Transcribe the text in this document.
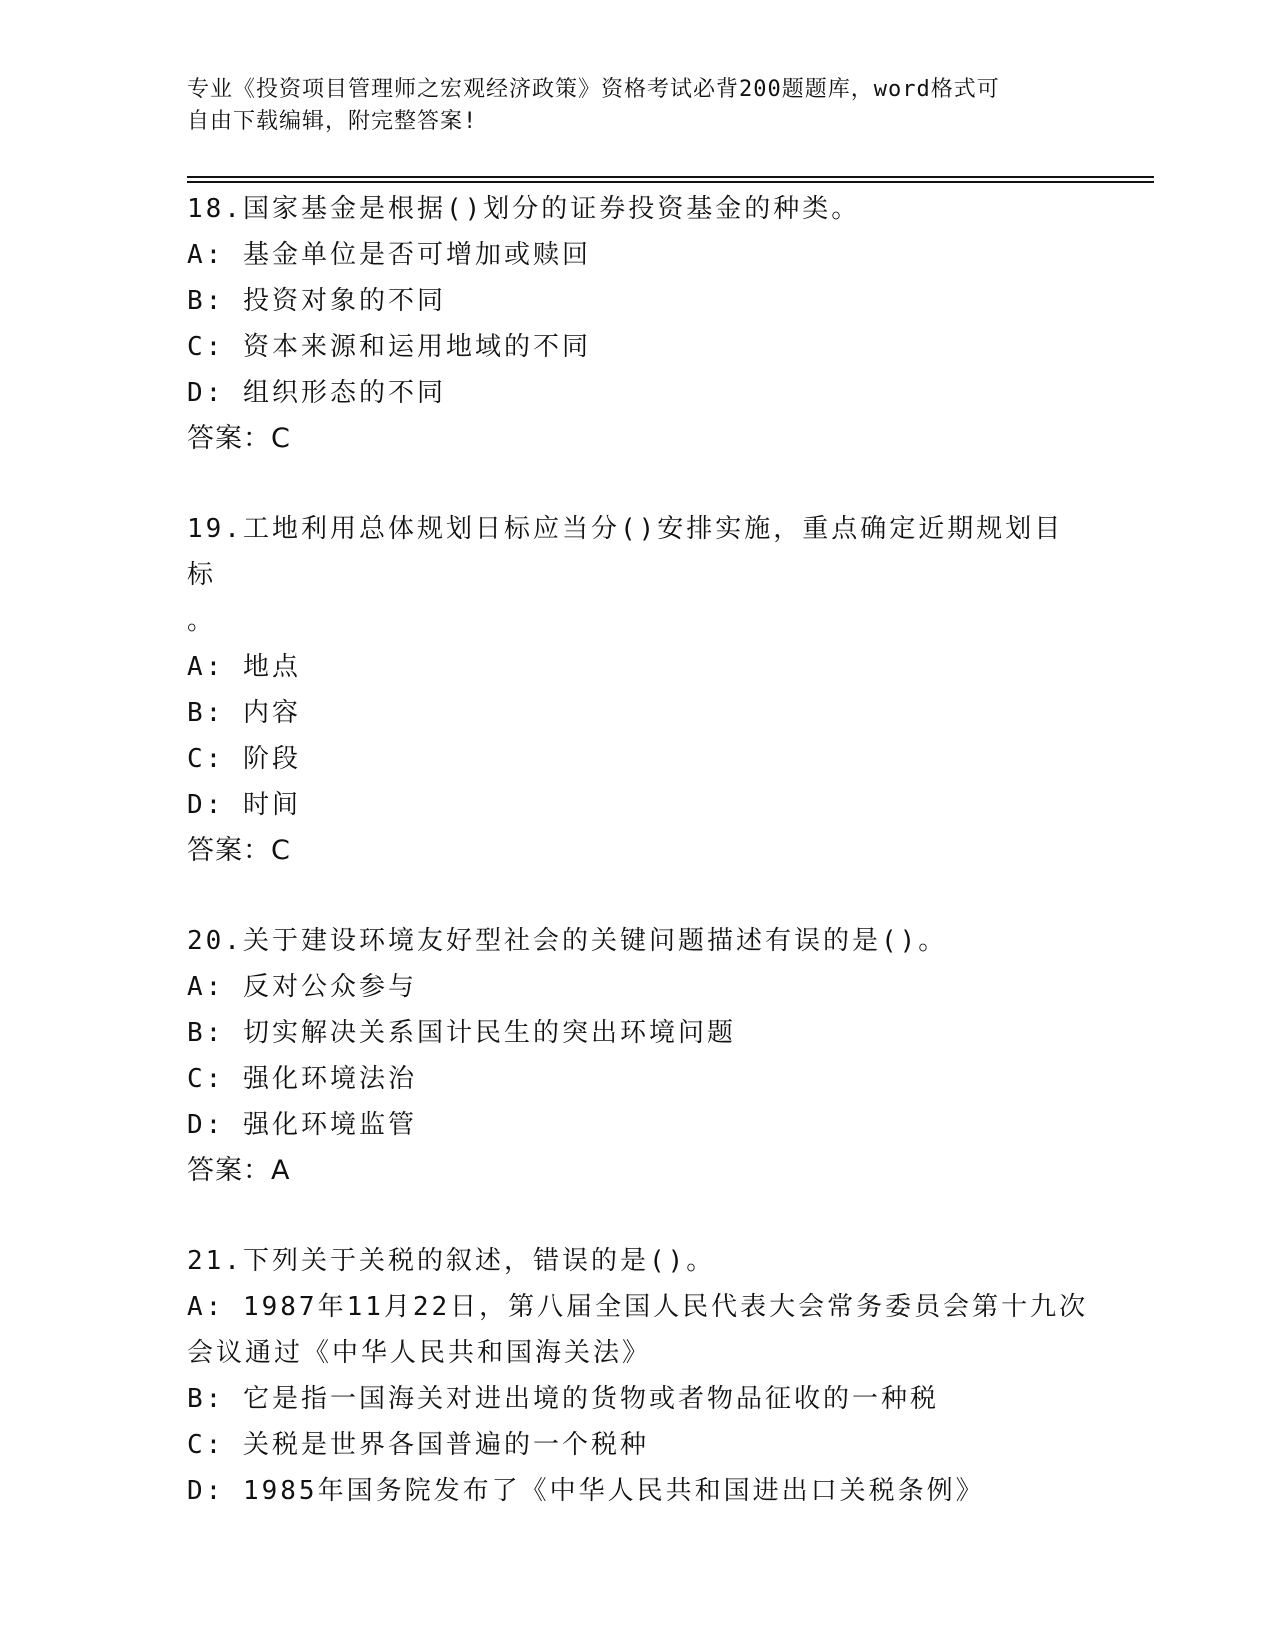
专业《投资项目管理师之宏观经济政策》资格考试必背200题题库，word格式可
自由下载编辑，附完整答案!
18.国家基金是根据()划分的证券投资基金的种类。
A: 基金单位是否可增加或赎回
B: 投资对象的不同
C: 资本来源和运用地域的不同
D: 组织形态的不同
答案：C
19.工地利用总体规划日标应当分()安排实施，重点确定近期规划目标
。
A: 地点
B: 内容
C: 阶段
D: 时间
答案：C
20.关于建设环境友好型社会的关键问题描述有误的是()。
A: 反对公众参与
B: 切实解决关系国计民生的突出环境问题
C: 强化环境法治
D: 强化环境监管
答案：A
21.下列关于关税的叙述，错误的是()。
A: 1987年11月22日，第八届全国人民代表大会常务委员会第十九次
会议通过《中华人民共和国海关法》
B: 它是指一国海关对进出境的货物或者物品征收的一种税
C: 关税是世界各国普遍的一个税种
D: 1985年国务院发布了《中华人民共和国进出口关税条例》
